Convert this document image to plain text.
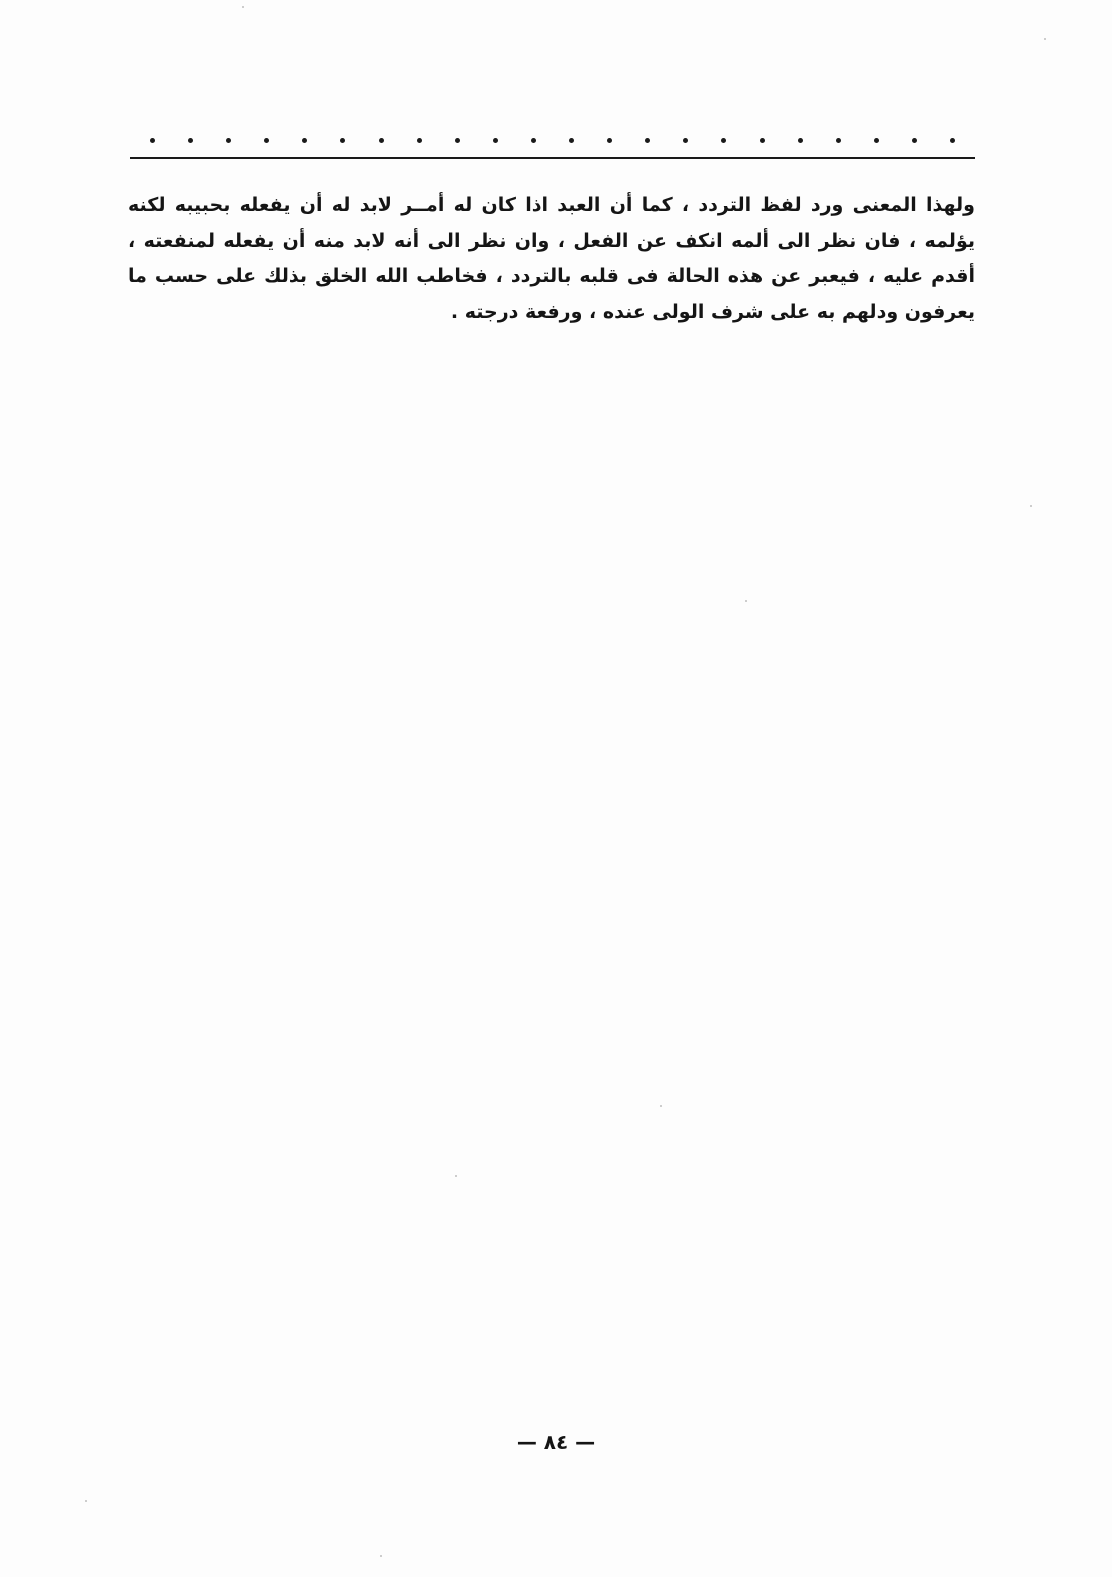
ولهذا المعنى ورد لفظ التردد ، كما أن العبد اذا كان له أمــر لابد له أن يفعله بحبيبه لكنه يؤلمه ، فان نظر الى ألمه انكف عن الفعل ، وان نظر الى أنه لابد منه أن يفعله لمنفعته ، أقدم عليه ، فيعبر عن هذه الحالة فى قلبه بالتردد ، فخاطب الله الخلق بذلك على حسب ما يعرفون ودلهم به على شرف الولى عنده ، ورفعة درجته .

— ٨٤ —
